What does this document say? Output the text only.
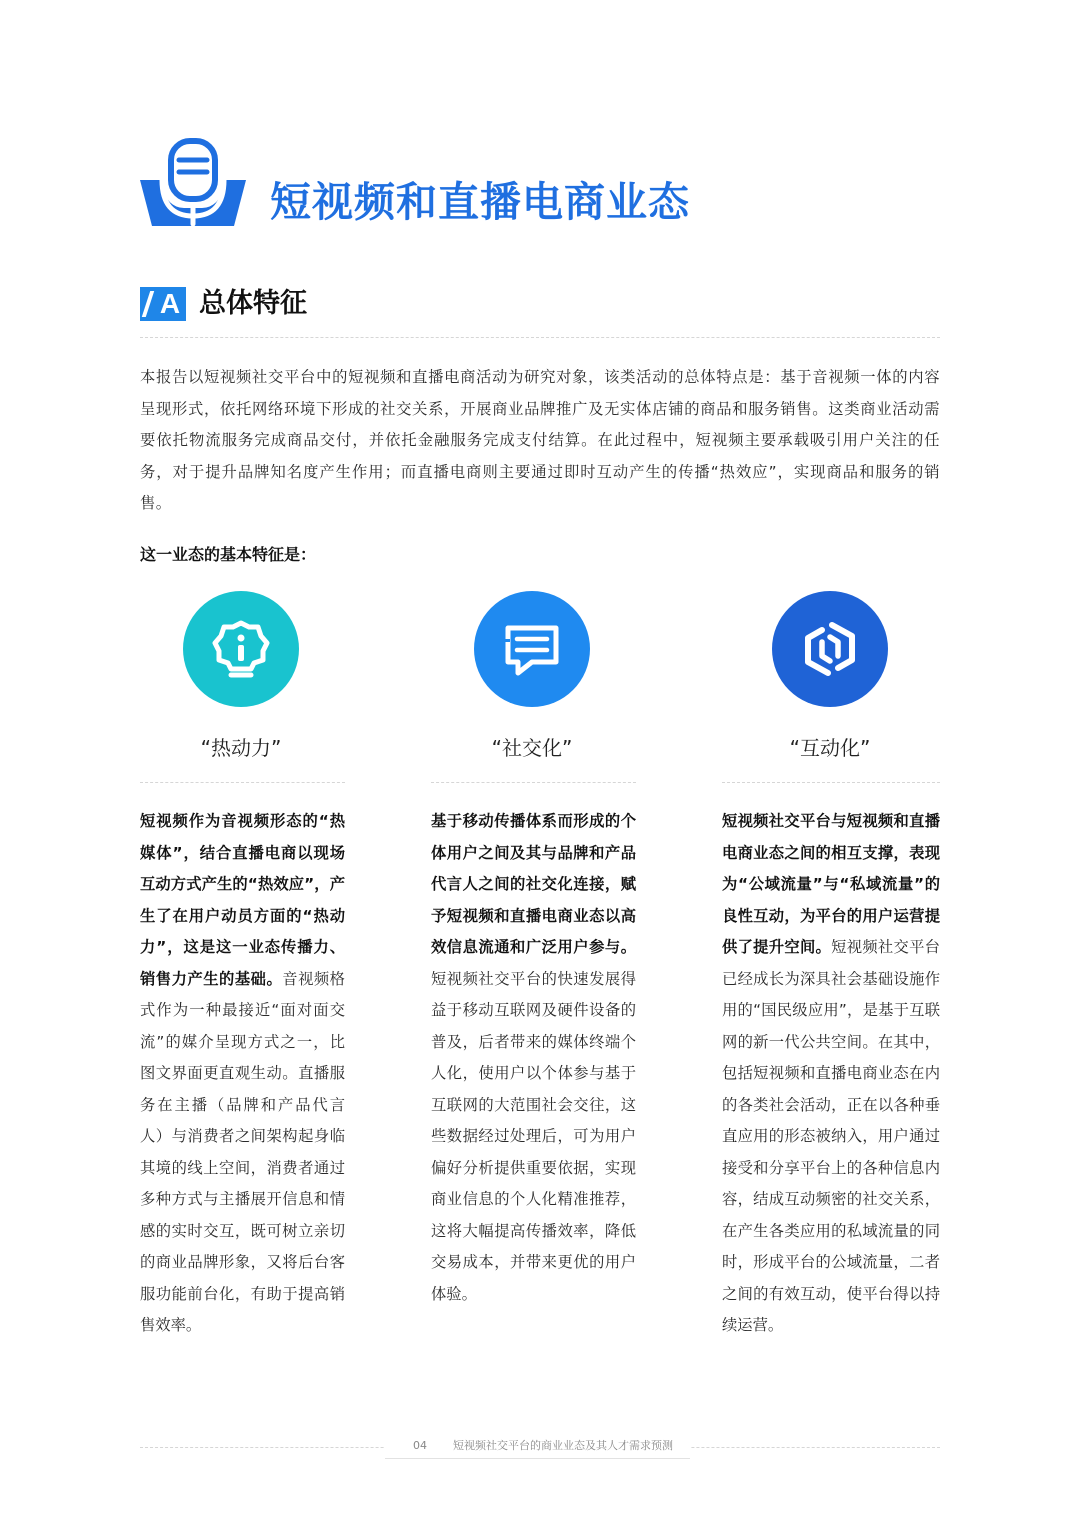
短视频和直播电商业态
A 总体特征
本报告以短视频社交平台中的短视频和直播电商活动为研究对象，该类活动的总体特点是：基于音视频一体的内容呈现形式，依托网络环境下形成的社交关系，开展商业品牌推广及无实体店铺的商品和服务销售。这类商业活动需要依托物流服务完成商品交付，并依托金融服务完成支付结算。在此过程中，短视频主要承载吸引用户关注的任务，对于提升品牌知名度产生作用；而直播电商则主要通过即时互动产生的传播“热效应”，实现商品和服务的销售。
这一业态的基本特征是：
“热动力”
短视频作为音视频形态的“热媒体”，结合直播电商以现场互动方式产生的“热效应”，产生了在用户动员方面的“热动力”，这是这一业态传播力、销售力产生的基础。音视频格式作为一种最接近“面对面交流”的媒介呈现方式之一，比图文界面更直观生动。直播服务在主播（品牌和产品代言人）与消费者之间架构起身临其境的线上空间，消费者通过多种方式与主播展开信息和情感的实时交互，既可树立亲切的商业品牌形象，又将后台客服功能前台化，有助于提高销售效率。
“社交化”
基于移动传播体系而形成的个体用户之间及其与品牌和产品代言人之间的社交化连接，赋予短视频和直播电商业态以高效信息流通和广泛用户参与。短视频社交平台的快速发展得益于移动互联网及硬件设备的普及，后者带来的媒体终端个人化，使用户以个体参与基于互联网的大范围社会交往，这些数据经过处理后，可为用户偏好分析提供重要依据，实现商业信息的个人化精准推荐，这将大幅提高传播效率，降低交易成本，并带来更优的用户体验。
“互动化”
短视频社交平台与短视频和直播电商业态之间的相互支撑，表现为“公域流量”与“私域流量”的良性互动，为平台的用户运营提供了提升空间。短视频社交平台已经成长为深具社会基础设施作用的“国民级应用”，是基于互联网的新一代公共空间。在其中，包括短视频和直播电商业态在内的各类社会活动，正在以各种垂直应用的形态被纳入，用户通过接受和分享平台上的各种信息内容，结成互动频密的社交关系，在产生各类应用的私域流量的同时，形成平台的公域流量，二者之间的有效互动，使平台得以持续运营。
04 短视频社交平台的商业业态及其人才需求预测
